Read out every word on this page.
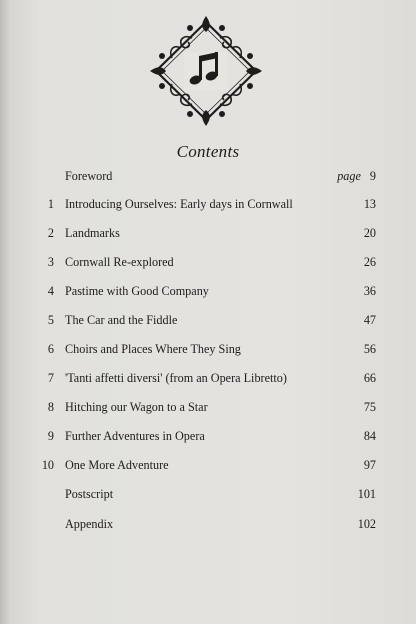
Contents
Foreword	page 9
1 Introducing Ourselves: Early days in Cornwall	13
2 Landmarks	20
3 Cornwall Re-explored	26
4 Pastime with Good Company	36
5 The Car and the Fiddle	47
6 Choirs and Places Where They Sing	56
7 'Tanti affetti diversi' (from an Opera Libretto)	66
8 Hitching our Wagon to a Star	75
9 Further Adventures in Opera	84
10 One More Adventure	97
Postscript	101
Appendix	102
